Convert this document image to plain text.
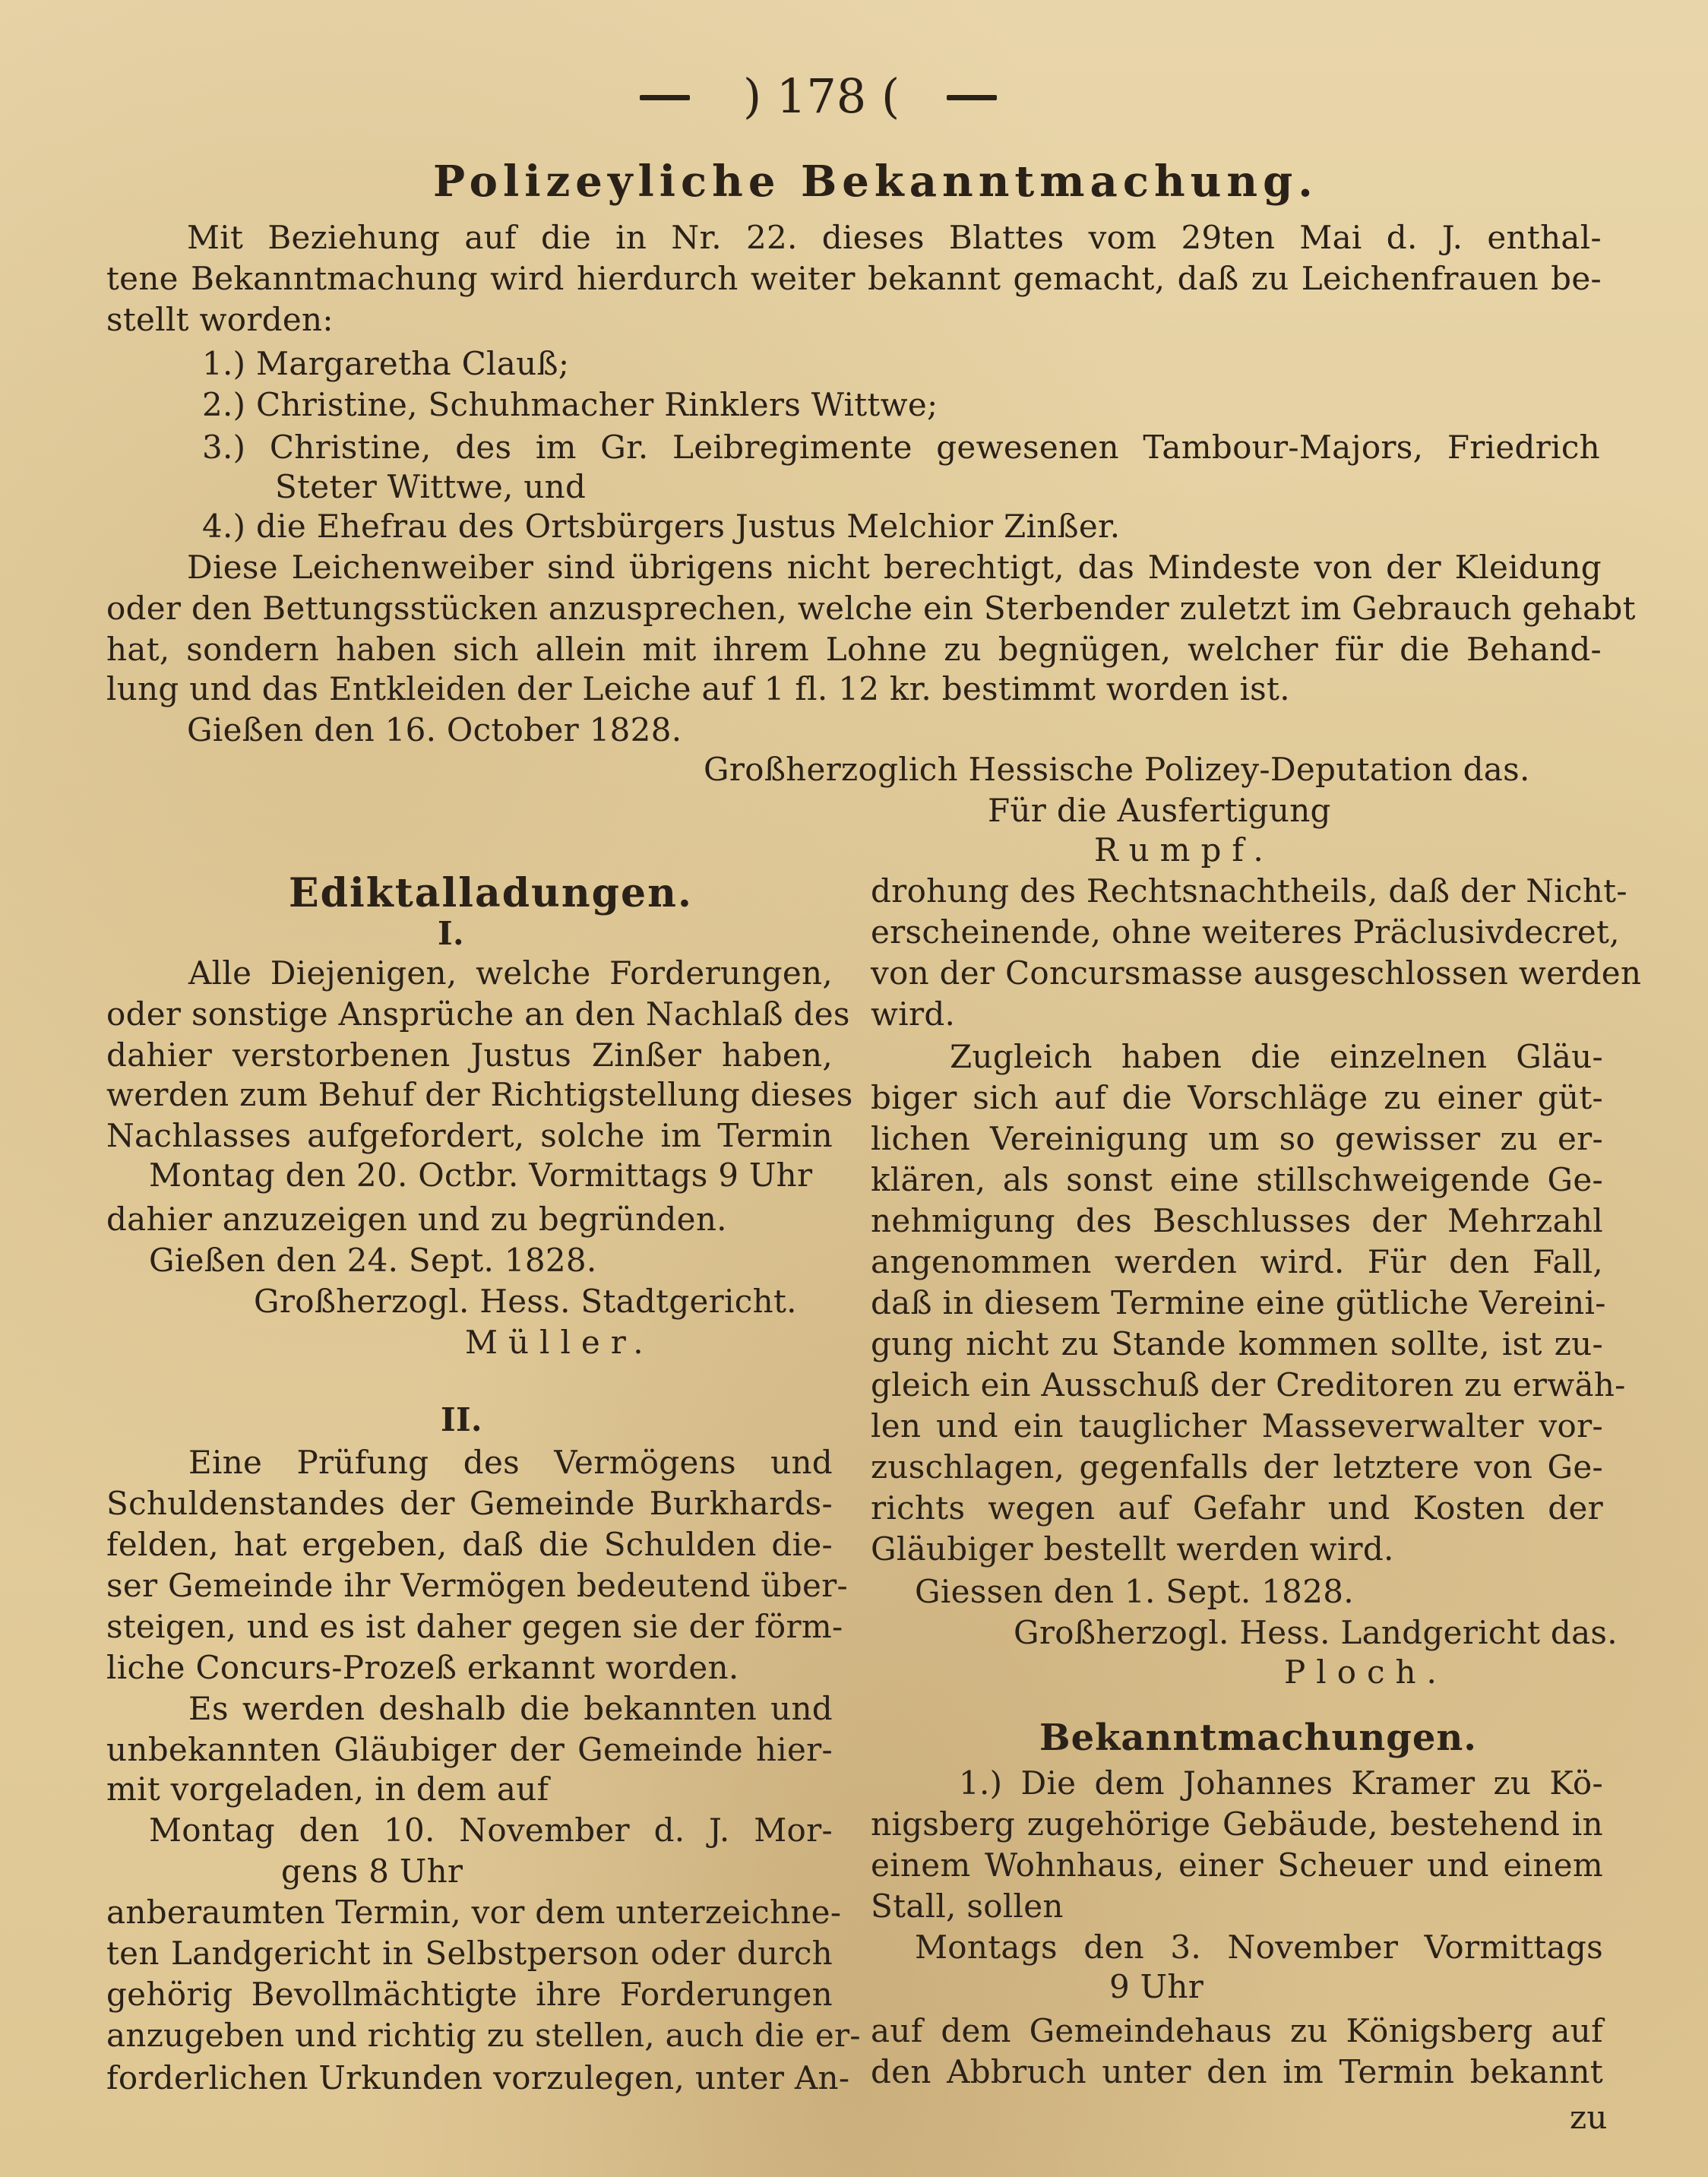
) 178 (
Polizeyliche Bekanntmachung.
Mit Beziehung auf die in Nr. 22. dieses Blattes vom 29ten Mai d. J. enthal-
tene Bekanntmachung wird hierdurch weiter bekannt gemacht, daß zu Leichenfrauen be-
stellt worden:
1.) Margaretha Clauß;
2.) Christine, Schuhmacher Rinklers Wittwe;
3.) Christine, des im Gr. Leibregimente gewesenen Tambour-Majors, Friedrich
Steter Wittwe, und
4.) die Ehefrau des Ortsbürgers Justus Melchior Zinßer.
Diese Leichenweiber sind übrigens nicht berechtigt, das Mindeste von der Kleidung
oder den Bettungsstücken anzusprechen, welche ein Sterbender zuletzt im Gebrauch gehabt
hat, sondern haben sich allein mit ihrem Lohne zu begnügen, welcher für die Behand-
lung und das Entkleiden der Leiche auf 1 fl. 12 kr. bestimmt worden ist.
Gießen den 16. October 1828.
Großherzoglich Hessische Polizey-Deputation das.
Für die Ausfertigung
Rumpf.
Ediktalladungen.
I.
Alle Diejenigen, welche Forderungen,
oder sonstige Ansprüche an den Nachlaß des
dahier verstorbenen Justus Zinßer haben,
werden zum Behuf der Richtigstellung dieses
Nachlasses aufgefordert, solche im Termin
Montag den 20. Octbr. Vormittags 9 Uhr
dahier anzuzeigen und zu begründen.
Gießen den 24. Sept. 1828.
Großherzogl. Hess. Stadtgericht.
Müller.
II.
Eine Prüfung des Vermögens und
Schuldenstandes der Gemeinde Burkhards-
felden, hat ergeben, daß die Schulden die-
ser Gemeinde ihr Vermögen bedeutend über-
steigen, und es ist daher gegen sie der förm-
liche Concurs-Prozeß erkannt worden.
Es werden deshalb die bekannten und
unbekannten Gläubiger der Gemeinde hier-
mit vorgeladen, in dem auf
Montag den 10. November d. J. Mor-
gens 8 Uhr
anberaumten Termin, vor dem unterzeichne-
ten Landgericht in Selbstperson oder durch
gehörig Bevollmächtigte ihre Forderungen
anzugeben und richtig zu stellen, auch die er-
forderlichen Urkunden vorzulegen, unter An-
drohung des Rechtsnachtheils, daß der Nicht-
erscheinende, ohne weiteres Präclusivdecret,
von der Concursmasse ausgeschlossen werden
wird.
Zugleich haben die einzelnen Gläu-
biger sich auf die Vorschläge zu einer güt-
lichen Vereinigung um so gewisser zu er-
klären, als sonst eine stillschweigende Ge-
nehmigung des Beschlusses der Mehrzahl
angenommen werden wird. Für den Fall,
daß in diesem Termine eine gütliche Vereini-
gung nicht zu Stande kommen sollte, ist zu-
gleich ein Ausschuß der Creditoren zu erwäh-
len und ein tauglicher Masseverwalter vor-
zuschlagen, gegenfalls der letztere von Ge-
richts wegen auf Gefahr und Kosten der
Gläubiger bestellt werden wird.
Giessen den 1. Sept. 1828.
Großherzogl. Hess. Landgericht das.
Ploch.
Bekanntmachungen.
1.) Die dem Johannes Kramer zu Kö-
nigsberg zugehörige Gebäude, bestehend in
einem Wohnhaus, einer Scheuer und einem
Stall, sollen
Montags den 3. November Vormittags
9 Uhr
auf dem Gemeindehaus zu Königsberg auf
den Abbruch unter den im Termin bekannt
zu
